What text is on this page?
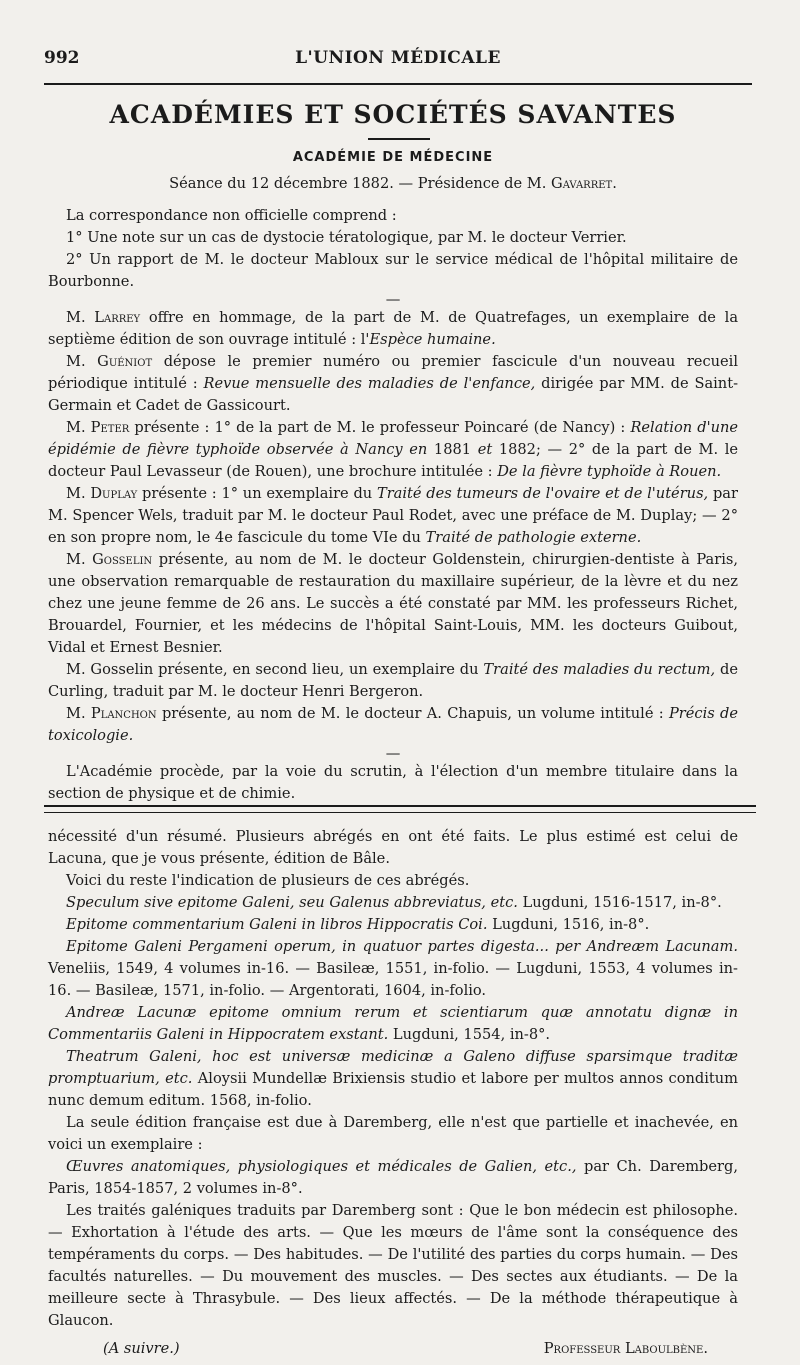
992	L'UNION MÉDICALE
ACADÉMIES ET SOCIÉTÉS SAVANTES
ACADÉMIE DE MÉDECINE
Séance du 12 décembre 1882. — Présidence de M. Gavarret.

La correspondance non officielle comprend :

1° Une note sur un cas de dystocie tératologique, par M. le docteur Verrier.

2° Un rapport de M. le docteur Mabloux sur le service médical de l'hôpital militaire de Bourbonne.

—

M. Larrey offre en hommage, de la part de M. de Quatrefages, un exemplaire de la septième édition de son ouvrage intitulé : l'Espèce humaine.

M. Guéniot dépose le premier numéro ou premier fascicule d'un nouveau recueil périodique intitulé : Revue mensuelle des maladies de l'enfance, dirigée par MM. de Saint-Germain et Cadet de Gassicourt.

M. Peter présente : 1° de la part de M. le professeur Poincaré (de Nancy) : Relation d'une épidémie de fièvre typhoïde observée à Nancy en 1881 et 1882; — 2° de la part de M. le docteur Paul Levasseur (de Rouen), une brochure intitulée : De la fièvre typhoïde à Rouen.

M. Duplay présente : 1° un exemplaire du Traité des tumeurs de l'ovaire et de l'utérus, par M. Spencer Wels, traduit par M. le docteur Paul Rodet, avec une préface de M. Duplay; — 2° en son propre nom, le 4e fascicule du tome VIe du Traité de pathologie externe.

M. Gosselin présente, au nom de M. le docteur Goldenstein, chirurgien-dentiste à Paris, une observation remarquable de restauration du maxillaire supérieur, de la lèvre et du nez chez une jeune femme de 26 ans. Le succès a été constaté par MM. les professeurs Richet, Brouardel, Fournier, et les médecins de l'hôpital Saint-Louis, MM. les docteurs Guibout, Vidal et Ernest Besnier.

M. Gosselin présente, en second lieu, un exemplaire du Traité des maladies du rectum, de Curling, traduit par M. le docteur Henri Bergeron.

M. Planchon présente, au nom de M. le docteur A. Chapuis, un volume intitulé : Précis de toxicologie.

—

L'Académie procède, par la voie du scrutin, à l'élection d'un membre titulaire dans la section de physique et de chimie.

nécessité d'un résumé. Plusieurs abrégés en ont été faits. Le plus estimé est celui de Lacuna, que je vous présente, édition de Bâle.

Voici du reste l'indication de plusieurs de ces abrégés.

Speculum sive epitome Galeni, seu Galenus abbreviatus, etc. Lugduni, 1516-1517, in-8°.

Epitome commentarium Galeni in libros Hippocratis Coi. Lugduni, 1516, in-8°.

Epitome Galeni Pergameni operum, in quatuor partes digesta... per Andreæm Lacunam. Veneliis, 1549, 4 volumes in-16. — Basileæ, 1551, in-folio. — Lugduni, 1553, 4 volumes in-16. — Basileæ, 1571, in-folio. — Argentorati, 1604, in-folio.

Andreæ Lacunæ epitome omnium rerum et scientiarum quæ annotatu dignæ in Commentariis Galeni in Hippocratem exstant. Lugduni, 1554, in-8°.

Theatrum Galeni, hoc est universæ medicinæ a Galeno diffuse sparsimque traditæ promptuarium, etc. Aloysii Mundellæ Brixiensis studio et labore per multos annos conditum nunc demum editum. 1568, in-folio.

La seule édition française est due à Daremberg, elle n'est que partielle et inachevée, en voici un exemplaire :

Œuvres anatomiques, physiologiques et médicales de Galien, etc., par Ch. Daremberg, Paris, 1854-1857, 2 volumes in-8°.

Les traités galéniques traduits par Daremberg sont : Que le bon médecin est philosophe. — Exhortation à l'étude des arts. — Que les mœurs de l'âme sont la conséquence des tempéraments du corps. — Des habitudes. — De l'utilité des parties du corps humain. — Des facultés naturelles. — Du mouvement des muscles. — Des sectes aux étudiants. — De la meilleure secte à Thrasybule. — Des lieux affectés. — De la méthode thérapeutique à Glaucon.

(A suivre.)	Professeur Laboulbène.
